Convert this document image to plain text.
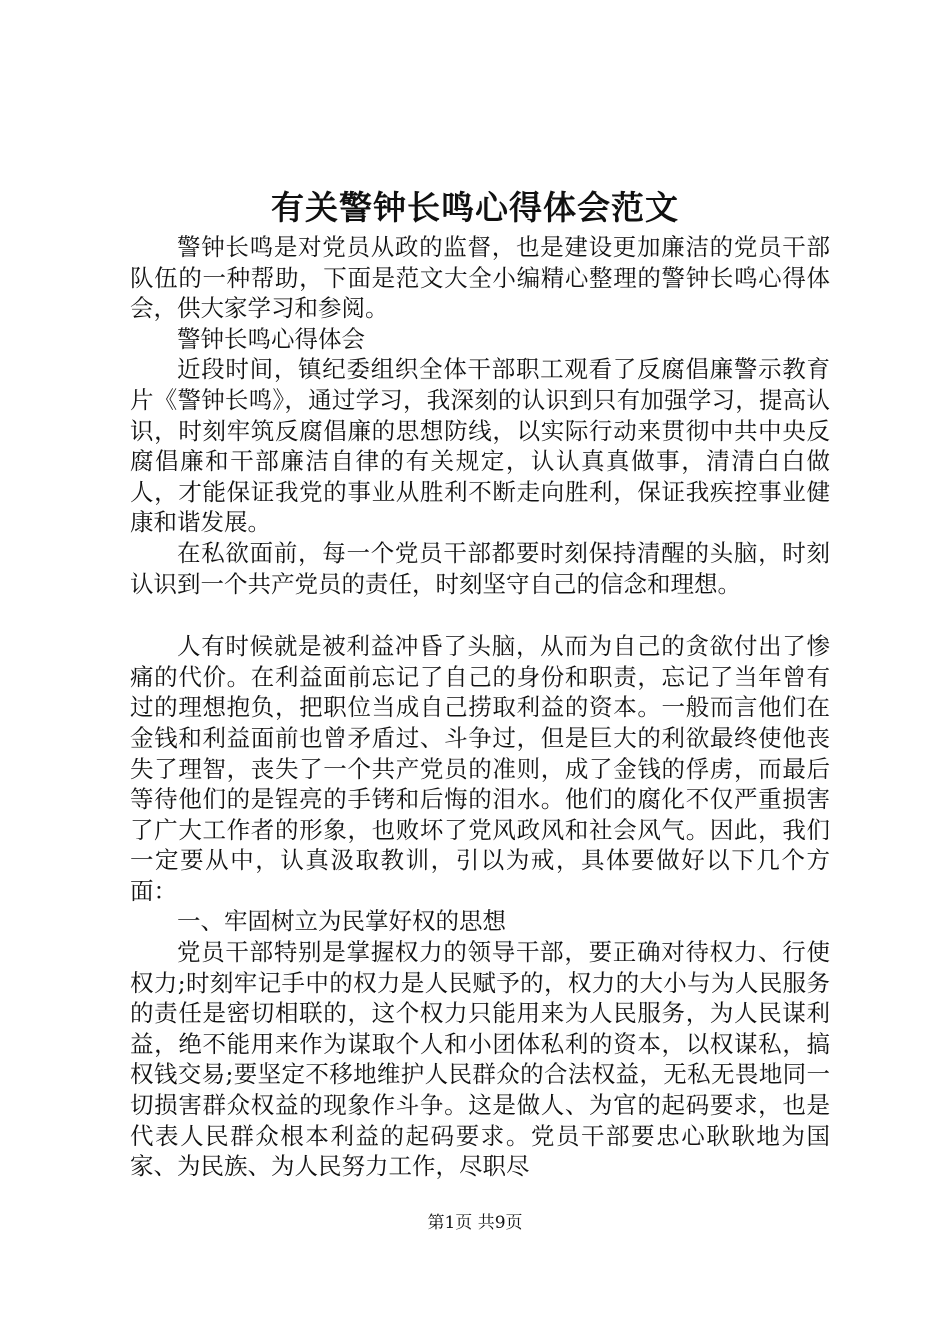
有关警钟长鸣心得体会范文

警钟长鸣是对党员从政的监督，也是建设更加廉洁的党员干部队伍的一种帮助，下面是范文大全小编精心整理的警钟长鸣心得体会，供大家学习和参阅。

警钟长鸣心得体会

近段时间，镇纪委组织全体干部职工观看了反腐倡廉警示教育片《警钟长鸣》，通过学习，我深刻的认识到只有加强学习，提高认识，时刻牢筑反腐倡廉的思想防线，以实际行动来贯彻中共中央反腐倡廉和干部廉洁自律的有关规定，认认真真做事，清清白白做人，才能保证我党的事业从胜利不断走向胜利，保证我疾控事业健康和谐发展。

在私欲面前，每一个党员干部都要时刻保持清醒的头脑，时刻认识到一个共产党员的责任，时刻坚守自己的信念和理想。

人有时候就是被利益冲昏了头脑，从而为自己的贪欲付出了惨痛的代价。在利益面前忘记了自己的身份和职责，忘记了当年曾有过的理想抱负，把职位当成自己捞取利益的资本。一般而言他们在金钱和利益面前也曾矛盾过、斗争过，但是巨大的利欲最终使他丧失了理智，丧失了一个共产党员的准则，成了金钱的俘虏，而最后等待他们的是锃亮的手铐和后悔的泪水。他们的腐化不仅严重损害了广大工作者的形象，也败坏了党风政风和社会风气。因此，我们一定要从中，认真汲取教训，引以为戒，具体要做好以下几个方面：

一、牢固树立为民掌好权的思想

党员干部特别是掌握权力的领导干部，要正确对待权力、行使权力;时刻牢记手中的权力是人民赋予的，权力的大小与为人民服务的责任是密切相联的，这个权力只能用来为人民服务，为人民谋利益，绝不能用来作为谋取个人和小团体私利的资本，以权谋私，搞权钱交易;要坚定不移地维护人民群众的合法权益，无私无畏地同一切损害群众权益的现象作斗争。这是做人、为官的起码要求，也是代表人民群众根本利益的起码要求。党员干部要忠心耿耿地为国家、为民族、为人民努力工作，尽职尽

第1页 共9页
